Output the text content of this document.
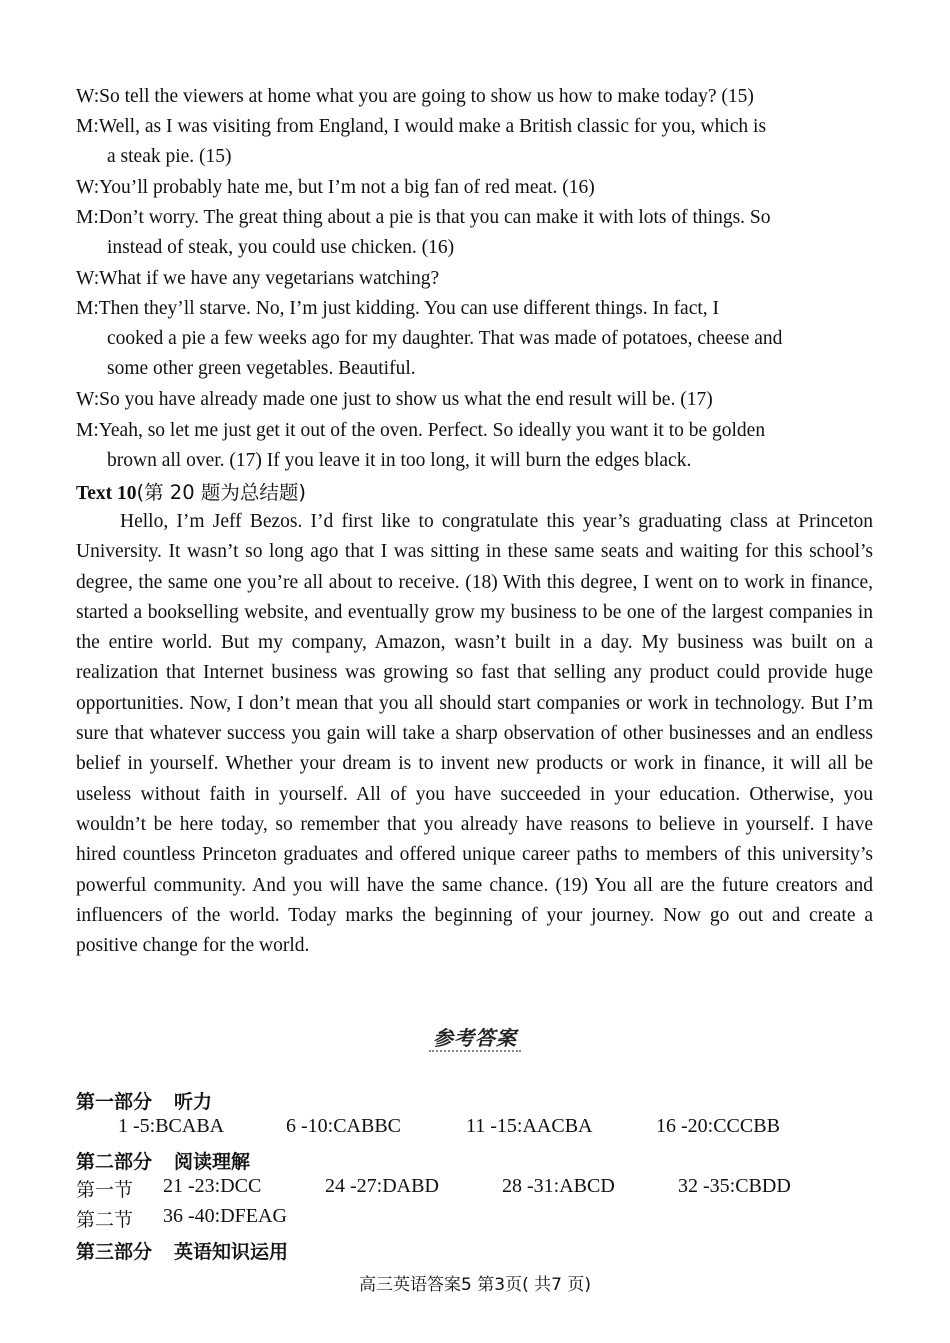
W:So tell the viewers at home what you are going to show us how to make today? (15)
M:Well, as I was visiting from England, I would make a British classic for you, which is
a steak pie. (15)
W:You’ll probably hate me, but I’m not a big fan of red meat. (16)
M:Don’t worry. The great thing about a pie is that you can make it with lots of things. So
instead of steak, you could use chicken. (16)
W:What if we have any vegetarians watching?
M:Then they’ll starve. No, I’m just kidding. You can use different things. In fact, I
cooked a pie a few weeks ago for my daughter. That was made of potatoes, cheese and
some other green vegetables. Beautiful.
W:So you have already made one just to show us what the end result will be. (17)
M:Yeah, so let me just get it out of the oven. Perfect. So ideally you want it to be golden
brown all over. (17) If you leave it in too long, it will burn the edges black.
Text 10(第 20 题为总结题)

Hello, I’m Jeff Bezos. I’d first like to congratulate this year’s graduating class at Princeton University. It wasn’t so long ago that I was sitting in these same seats and waiting for this school’s degree, the same one you’re all about to receive. (18) With this degree, I went on to work in finance, started a bookselling website, and eventually grow my business to be one of the largest companies in the entire world. But my company, Amazon, wasn’t built in a day. My business was built on a realization that Internet business was growing so fast that selling any product could provide huge opportunities. Now, I don’t mean that you all should start companies or work in technology. But I’m sure that whatever success you gain will take a sharp observation of other businesses and an endless belief in yourself. Whether your dream is to invent new products or work in finance, it will all be useless without faith in yourself. All of you have succeeded in your education. Otherwise, you wouldn’t be here today, so remember that you already have reasons to believe in yourself. I have hired countless Princeton graduates and offered unique career paths to members of this university’s powerful community. And you will have the same chance. (19) You all are the future creators and influencers of the world. Today marks the beginning of your journey. Now go out and create a positive change for the world.

参考答案
第一部分 听力
1 -5:BCABA	6 -10:CABBC	11 -15:AACBA	16 -20:CCCBB
第二部分 阅读理解
第一节 21 -23:DCC	24 -27:DABD	28 -31:ABCD	32 -35:CBDD
第二节 36 -40:DFEAG
第三部分 英语知识运用
高三英语答案5 第3页( 共7 页)
